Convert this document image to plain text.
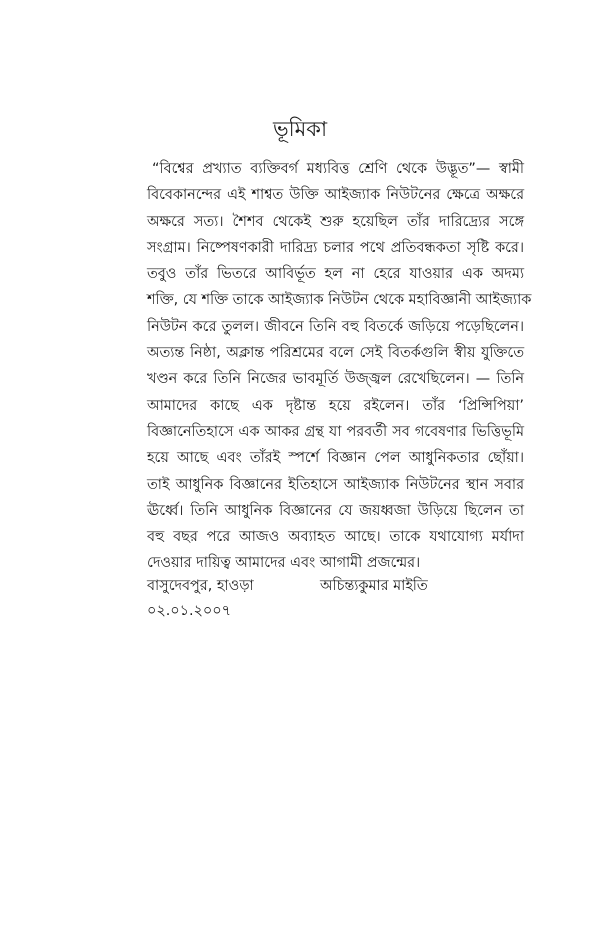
ভূমিকা
“বিশ্বের প্রখ্যাত ব্যক্তিবর্গ মধ্যবিত্ত শ্রেণি থেকে উদ্ভূত”— স্বামী
বিবেকানন্দের এই শাশ্বত উক্তি আইজ্যাক নিউটনের ক্ষেত্রে অক্ষরে
অক্ষরে সত্য। শৈশব থেকেই শুরু হয়েছিল তাঁর দারিদ্র্যের সঙ্গে
সংগ্রাম। নিষ্পেষণকারী দারিদ্র্য চলার পথে প্রতিবন্ধকতা সৃষ্টি করে।
তবুও তাঁর ভিতরে আবির্ভূত হল না হেরে যাওয়ার এক অদম্য
শক্তি, যে শক্তি তাকে আইজ্যাক নিউটন থেকে মহাবিজ্ঞানী আইজ্যাক
নিউটন করে তুলল। জীবনে তিনি বহু বিতর্কে জড়িয়ে পড়েছিলেন।
অত্যন্ত নিষ্ঠা, অক্লান্ত পরিশ্রমের বলে সেই বিতর্কগুলি স্বীয় যুক্তিতে
খণ্ডন করে তিনি নিজের ভাবমূর্তি উজ্জ্বল রেখেছিলেন। — তিনি
আমাদের কাছে এক দৃষ্টান্ত হয়ে রইলেন। তাঁর ‘প্রিন্সিপিয়া’
বিজ্ঞানেতিহাসে এক আকর গ্রন্থ যা পরবর্তী সব গবেষণার ভিত্তিভূমি
হয়ে আছে এবং তাঁরই স্পর্শে বিজ্ঞান পেল আধুনিকতার ছোঁয়া।
তাই আধুনিক বিজ্ঞানের ইতিহাসে আইজ্যাক নিউটনের স্থান সবার
ঊর্ধ্বে। তিনি আধুনিক বিজ্ঞানের যে জয়ধ্বজা উড়িয়ে ছিলেন তা
বহু বছর পরে আজও অব্যাহত আছে। তাকে যথাযোগ্য মর্যাদা
দেওয়ার দায়িত্ব আমাদের এবং আগামী প্রজন্মের।
বাসুদেবপুর, হাওড়া	অচিন্ত্যকুমার মাইতি
০২.০১.২০০৭
